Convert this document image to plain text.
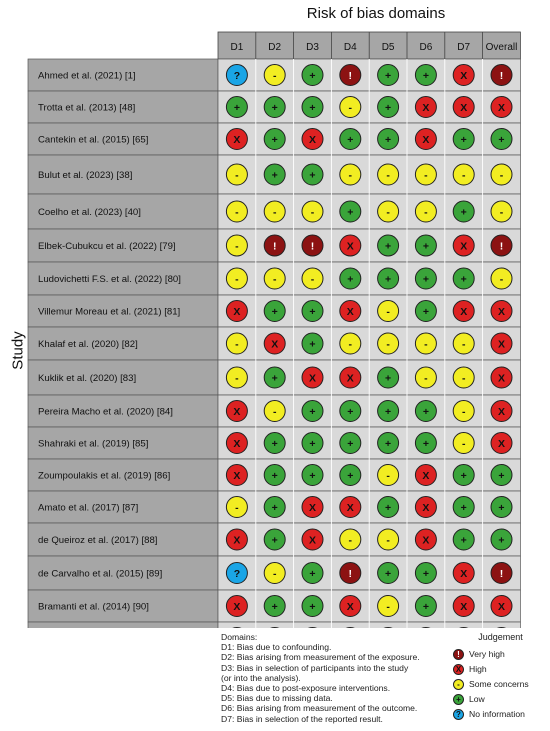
Risk of bias domains
Study
D1	D2	D3	D4	D5	D6	D7 Overall
Ahmed et al. (2021) [1]	?	-	+	!	+	+	X	!
Trotta et al. (2013) [48]	+	+	+	-	+	X	X	X
Cantekin et al. (2015) [65]	X	+	X	+	+	X	+	+
Bulut et al. (2023) [38]	-	+	+	-	-	-	-	-
Coelho et al. (2023) [40]	-	-	-	+	-	-	+	-
Elbek-Cubukcu et al. (2022) [79]	-	!	!	X	+	+	X	!
Ludovichetti F.S. et al. (2022) [80]	-	-	-	+	+	+	+	-
Villemur Moreau et al. (2021) [81]	X	+	+	X	-	+	X	X
Khalaf et al. (2020) [82]	-	X	+	-	-	-	-	X
Kuklik et al. (2020) [83]	-	+	X	X	+	-	-	X
Pereira Macho et al. (2020) [84]	X	-	+	+	+	+	-	X
Shahraki et al. (2019) [85]	X	+	+	+	+	+	-	X
Zoumpoulakis et al. (2019) [86]	X	+	+	+	-	X	+	+
Amato et al. (2017) [87]	-	+	X	X	+	X	+	+
de Queiroz et al. (2017) [88]	X	+	X	-	-	X	+	+
de Carvalho et al. (2015) [89]	?	-	+	!	+	+	X	!
Bramanti et al. (2014) [90]	X	+	+	X	-	+	X	X
Domains:
D1: Bias due to confounding.
D2: Bias arising from measurement of the exposure.
D3: Bias in selection of participants into the study
(or into the analysis).
D4: Bias due to post-exposure interventions.
D5: Bias due to missing data.
D6: Bias arising from measurement of the outcome.
D7: Bias in selection of the reported result.
Judgement
!	Very high
X High
-	Some concerns
+ Low
? No information
